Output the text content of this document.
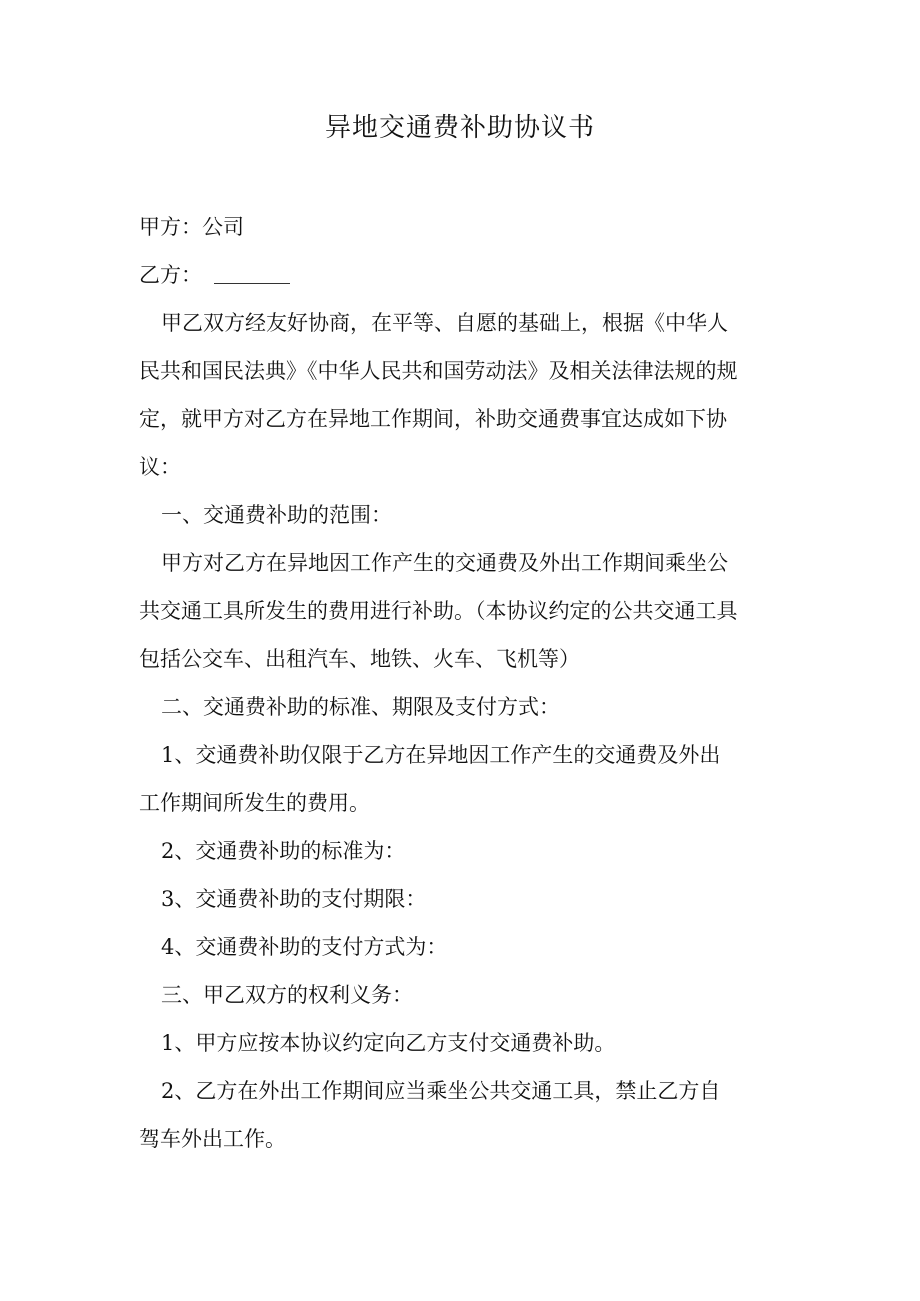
异地交通费补助协议书

甲方：公司

乙方：

甲乙双方经友好协商，在平等、自愿的基础上，根据《中华人民共和国民法典》《中华人民共和国劳动法》及相关法律法规的规定，就甲方对乙方在异地工作期间，补助交通费事宜达成如下协议：

一、交通费补助的范围：

甲方对乙方在异地因工作产生的交通费及外出工作期间乘坐公共交通工具所发生的费用进行补助。（本协议约定的公共交通工具包括公交车、出租汽车、地铁、火车、飞机等）

二、交通费补助的标准、期限及支付方式：

1、交通费补助仅限于乙方在异地因工作产生的交通费及外出工作期间所发生的费用。

2、交通费补助的标准为：

3、交通费补助的支付期限：

4、交通费补助的支付方式为：

三、甲乙双方的权利义务：

1、甲方应按本协议约定向乙方支付交通费补助。

2、乙方在外出工作期间应当乘坐公共交通工具，禁止乙方自驾车外出工作。
